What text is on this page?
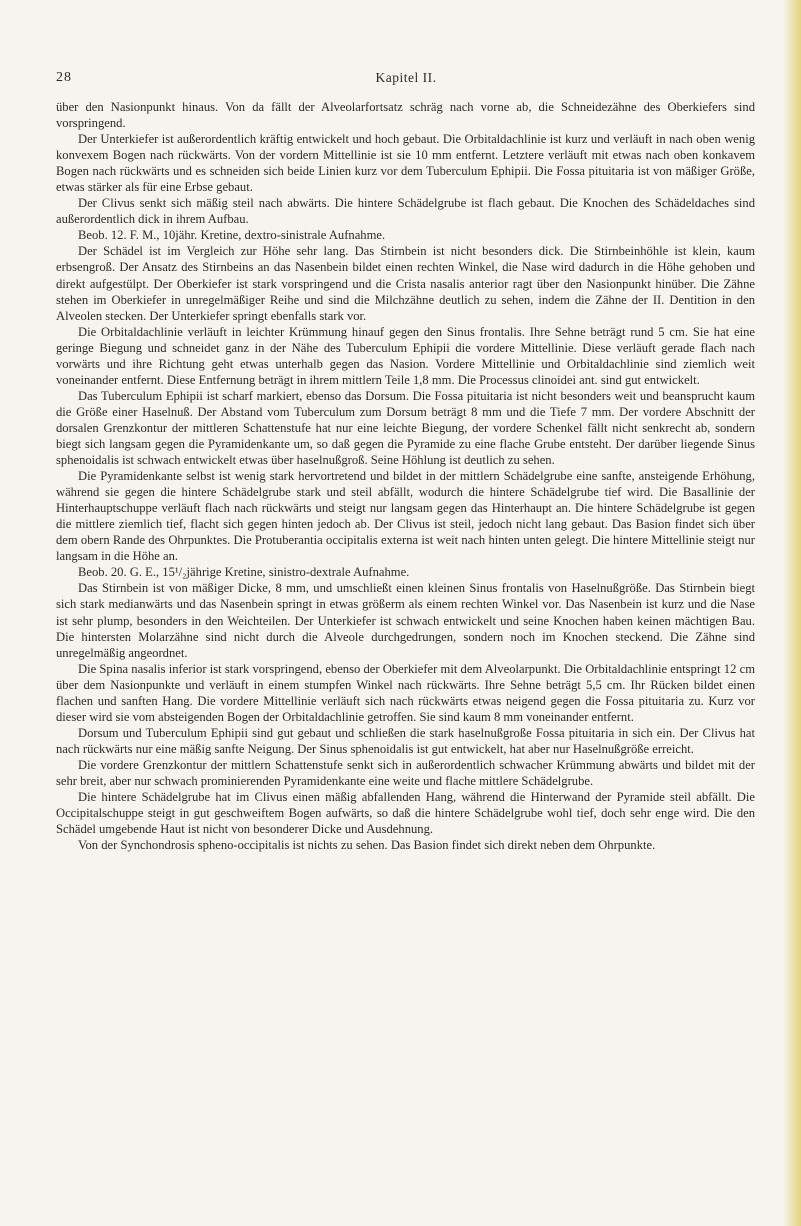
28	Kapitel II.

über den Nasionpunkt hinaus. Von da fällt der Alveolarfortsatz schräg nach vorne ab, die Schneidezähne des Oberkiefers sind vorspringend.

Der Unterkiefer ist außerordentlich kräftig entwickelt und hoch gebaut. Die Orbitaldachlinie ist kurz und verläuft in nach oben wenig konvexem Bogen nach rückwärts. Von der vordern Mittellinie ist sie 10 mm entfernt. Letztere verläuft mit etwas nach oben konkavem Bogen nach rückwärts und es schneiden sich beide Linien kurz vor dem Tuberculum Ephipii. Die Fossa pituitaria ist von mäßiger Größe, etwas stärker als für eine Erbse gebaut.

Der Clivus senkt sich mäßig steil nach abwärts. Die hintere Schädelgrube ist flach gebaut. Die Knochen des Schädeldaches sind außerordentlich dick in ihrem Aufbau.

Beob. 12. F. M., 10jähr. Kretine, dextro-sinistrale Aufnahme.

Der Schädel ist im Vergleich zur Höhe sehr lang. Das Stirnbein ist nicht besonders dick. Die Stirnbeinhöhle ist klein, kaum erbsengroß. Der Ansatz des Stirnbeins an das Nasenbein bildet einen rechten Winkel, die Nase wird dadurch in die Höhe gehoben und direkt aufgestülpt. Der Oberkiefer ist stark vorspringend und die Crista nasalis anterior ragt über den Nasionpunkt hinüber. Die Zähne stehen im Oberkiefer in unregelmäßiger Reihe und sind die Milchzähne deutlich zu sehen, indem die Zähne der II. Dentition in den Alveolen stecken. Der Unterkiefer springt ebenfalls stark vor.

Die Orbitaldachlinie verläuft in leichter Krümmung hinauf gegen den Sinus frontalis. Ihre Sehne beträgt rund 5 cm. Sie hat eine geringe Biegung und schneidet ganz in der Nähe des Tuberculum Ephipii die vordere Mittellinie. Diese verläuft gerade flach nach vorwärts und ihre Richtung geht etwas unterhalb gegen das Nasion. Vordere Mittellinie und Orbitaldachlinie sind ziemlich weit voneinander entfernt. Diese Entfernung beträgt in ihrem mittlern Teile 1,8 mm. Die Processus clinoidei ant. sind gut entwickelt.

Das Tuberculum Ephipii ist scharf markiert, ebenso das Dorsum. Die Fossa pituitaria ist nicht besonders weit und beansprucht kaum die Größe einer Haselnuß. Der Abstand vom Tuberculum zum Dorsum beträgt 8 mm und die Tiefe 7 mm. Der vordere Abschnitt der dorsalen Grenzkontur der mittleren Schattenstufe hat nur eine leichte Biegung, der vordere Schenkel fällt nicht senkrecht ab, sondern biegt sich langsam gegen die Pyramidenkante um, so daß gegen die Pyramide zu eine flache Grube entsteht. Der darüber liegende Sinus sphenoidalis ist schwach entwickelt etwas über haselnußgroß. Seine Höhlung ist deutlich zu sehen.

Die Pyramidenkante selbst ist wenig stark hervortretend und bildet in der mittlern Schädelgrube eine sanfte, ansteigende Erhöhung, während sie gegen die hintere Schädelgrube stark und steil abfällt, wodurch die hintere Schädelgrube tief wird. Die Basallinie der Hinterhauptschuppe verläuft flach nach rückwärts und steigt nur langsam gegen das Hinterhaupt an. Die hintere Schädelgrube ist gegen die mittlere ziemlich tief, flacht sich gegen hinten jedoch ab. Der Clivus ist steil, jedoch nicht lang gebaut. Das Basion findet sich über dem obern Rande des Ohrpunktes. Die Protuberantia occipitalis externa ist weit nach hinten unten gelegt. Die hintere Mittellinie steigt nur langsam in die Höhe an.

Beob. 20. G. E., 15¹/₂jährige Kretine, sinistro-dextrale Aufnahme.

Das Stirnbein ist von mäßiger Dicke, 8 mm, und umschließt einen kleinen Sinus frontalis von Haselnußgröße. Das Stirnbein biegt sich stark medianwärts und das Nasenbein springt in etwas größerm als einem rechten Winkel vor. Das Nasenbein ist kurz und die Nase ist sehr plump, besonders in den Weichteilen. Der Unterkiefer ist schwach entwickelt und seine Knochen haben keinen mächtigen Bau. Die hintersten Molarzähne sind nicht durch die Alveole durchgedrungen, sondern noch im Knochen steckend. Die Zähne sind unregelmäßig angeordnet.

Die Spina nasalis inferior ist stark vorspringend, ebenso der Oberkiefer mit dem Alveolarpunkt. Die Orbitaldachlinie entspringt 12 cm über dem Nasionpunkte und verläuft in einem stumpfen Winkel nach rückwärts. Ihre Sehne beträgt 5,5 cm. Ihr Rücken bildet einen flachen und sanften Hang. Die vordere Mittellinie verläuft sich nach rückwärts etwas neigend gegen die Fossa pituitaria zu. Kurz vor dieser wird sie vom absteigenden Bogen der Orbitaldachlinie getroffen. Sie sind kaum 8 mm voneinander entfernt.

Dorsum und Tuberculum Ephipii sind gut gebaut und schließen die stark haselnußgroße Fossa pituitaria in sich ein. Der Clivus hat nach rückwärts nur eine mäßig sanfte Neigung. Der Sinus sphenoidalis ist gut entwickelt, hat aber nur Haselnußgröße erreicht.

Die vordere Grenzkontur der mittlern Schattenstufe senkt sich in außerordentlich schwacher Krümmung abwärts und bildet mit der sehr breit, aber nur schwach prominierenden Pyramidenkante eine weite und flache mittlere Schädelgrube.

Die hintere Schädelgrube hat im Clivus einen mäßig abfallenden Hang, während die Hinterwand der Pyramide steil abfällt. Die Occipitalschuppe steigt in gut geschweiftem Bogen aufwärts, so daß die hintere Schädelgrube wohl tief, doch sehr enge wird. Die den Schädel umgebende Haut ist nicht von besonderer Dicke und Ausdehnung.

Von der Synchondrosis spheno-occipitalis ist nichts zu sehen. Das Basion findet sich direkt neben dem Ohrpunkte.
